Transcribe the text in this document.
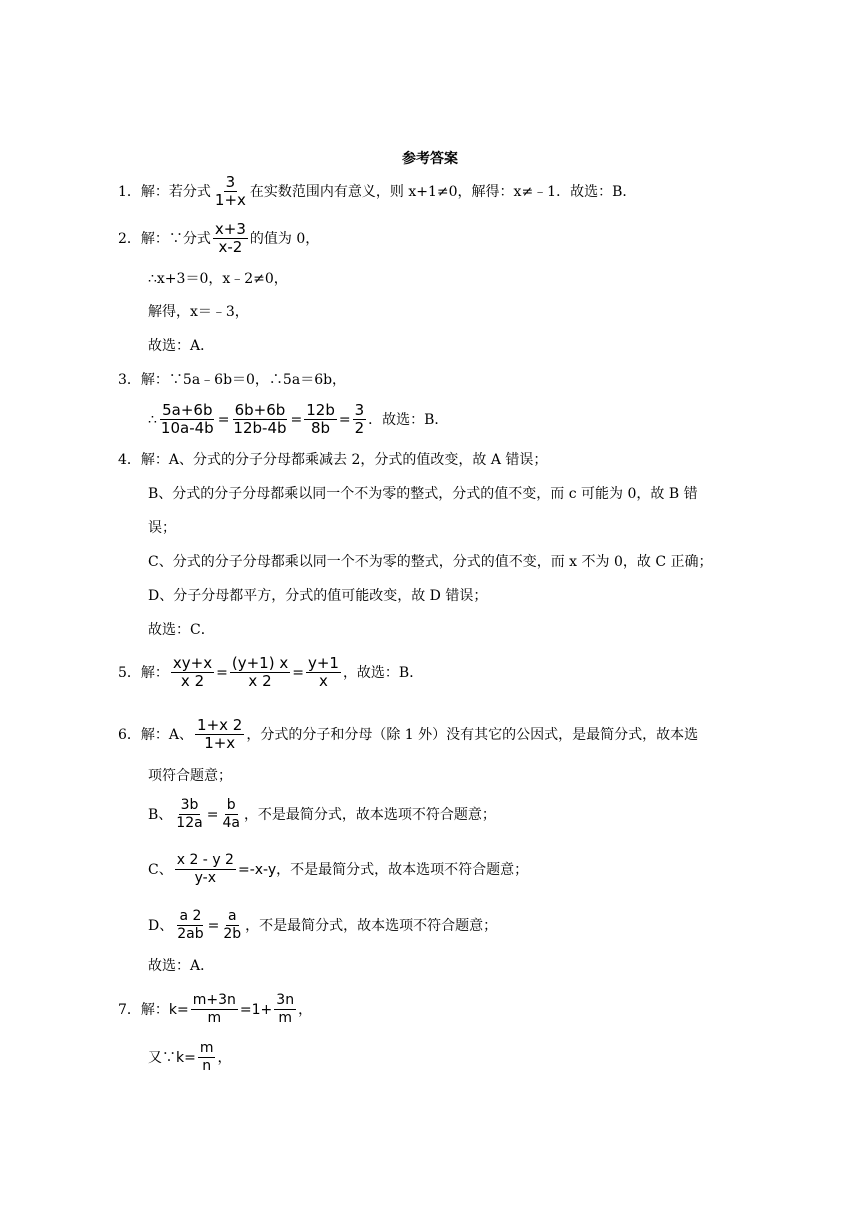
参考答案
1．解：若分式 $\frac{3}{1+x}$ 在实数范围内有意义，则 x+1≠0，解得：x≠﹣1．故选：B．
2．解：∵分式 $\frac{x+3}{x-2}$ 的值为 0，
∴x+3＝0，x﹣2≠0，
解得，x＝﹣3，
故选：A．
3．解：∵5a﹣6b＝0，∴5a＝6b，
∴ $\frac{5a+6b}{10a-4b} = \frac{6b+6b}{12b-4b} = \frac{12b}{8b} = \frac{3}{2}$ ．故选：B．
4．解：A、分式的分子分母都乘减去 2，分式的值改变，故 A 错误；
B、分式的分子分母都乘以同一个不为零的整式，分式的值不变，而 c 可能为 0，故 B 错
误；
C、分式的分子分母都乘以同一个不为零的整式，分式的值不变，而 x 不为 0，故 C 正确；
D、分子分母都平方，分式的值可能改变，故 D 错误；
故选：C．
5．解： $\frac{xy+x}{x 2} = \frac{(y+1) x}{x 2} = \frac{y+1}{x}$ ，故选：B．
6．解：A、 $\frac{1+x 2}{1+x}$ ，分式的分子和分母（除 1 外）没有其它的公因式，是最简分式，故本选
项符合题意；
B、 $\frac{3b}{12a} = \frac{b}{4a}$ ，不是最简分式，故本选项不符合题意；
C、 $\frac{x 2 - y 2}{y-x} =-x-y$ ，不是最简分式，故本选项不符合题意；
D、 $\frac{a 2}{2ab} = \frac{a}{2b}$ ，不是最简分式，故本选项不符合题意；
故选：A．
7．解： $k= \frac{m+3n}{m} =1+ \frac{3n}{m}$ ，
又∵ $k= \frac{m}{n}$ ，
